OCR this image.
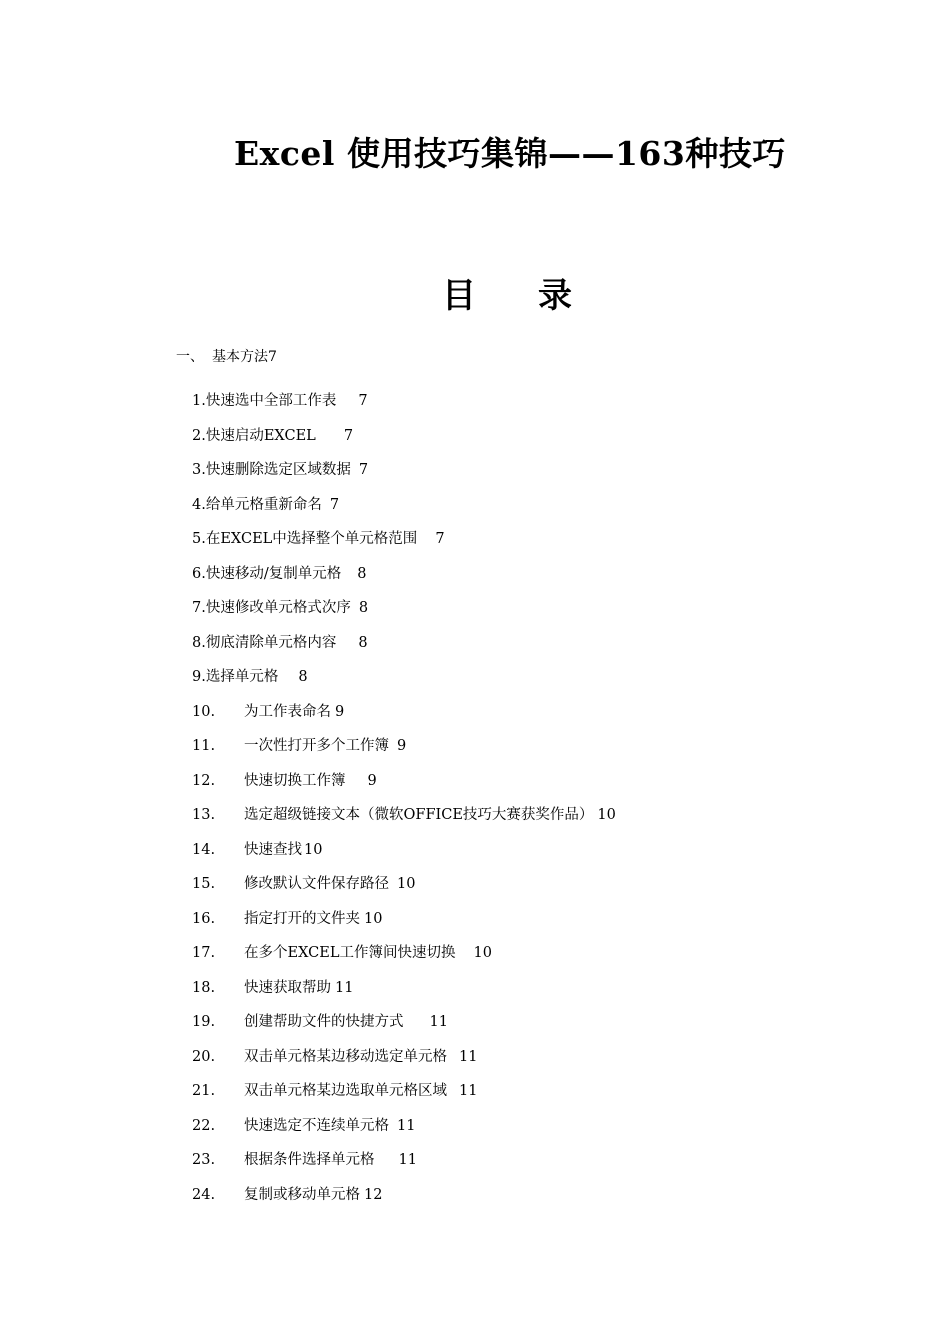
Excel 使用技巧集锦——163种技巧
目 录
一、 基本方法7
1.快速选中全部工作表 7
2.快速启动EXCEL 7
3.快速删除选定区域数据 7
4.给单元格重新命名 7
5.在EXCEL中选择整个单元格范围 7
6.快速移动/复制单元格 8
7.快速修改单元格式次序 8
8.彻底清除单元格内容 8
9.选择单元格 8
10. 为工作表命名 9
11. 一次性打开多个工作簿 9
12. 快速切换工作簿 9
13. 选定超级链接文本（微软OFFICE技巧大赛获奖作品） 10
14. 快速查找 10
15. 修改默认文件保存路径 10
16. 指定打开的文件夹 10
17. 在多个EXCEL工作簿间快速切换 10
18. 快速获取帮助 11
19. 创建帮助文件的快捷方式 11
20. 双击单元格某边移动选定单元格 11
21. 双击单元格某边选取单元格区域 11
22. 快速选定不连续单元格 11
23. 根据条件选择单元格 11
24. 复制或移动单元格 12
